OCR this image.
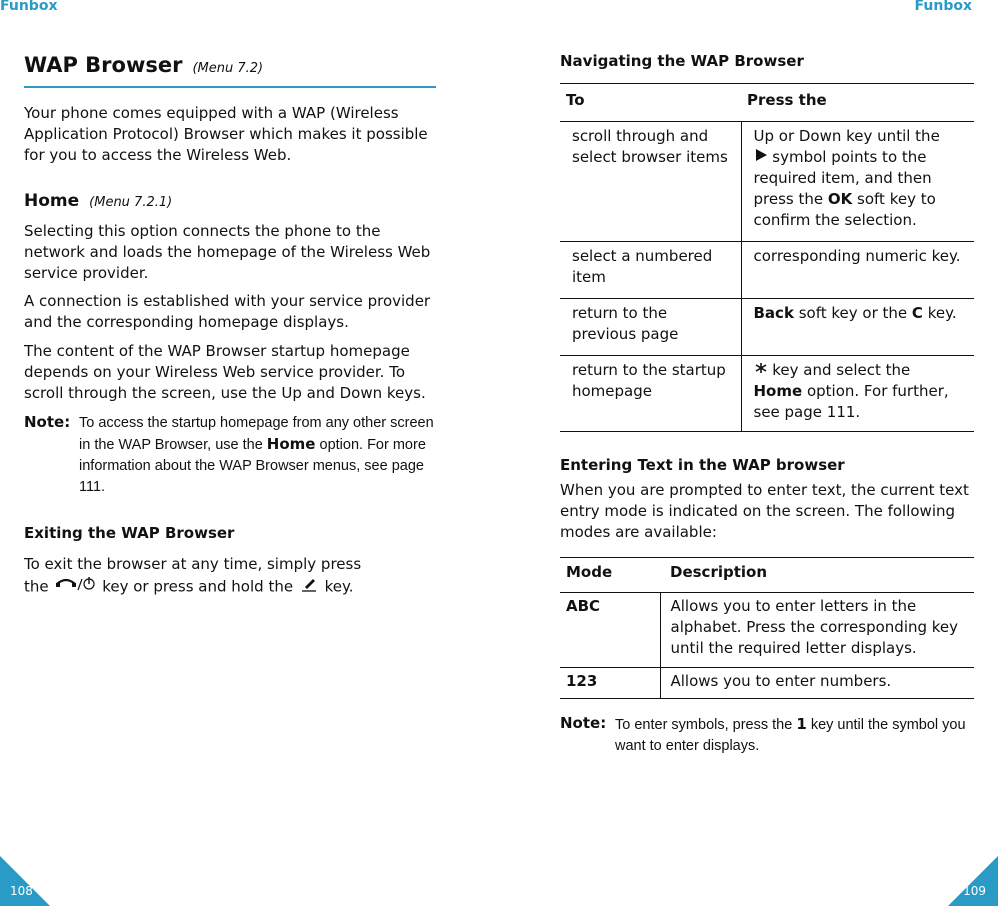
Funbox	Funbox
WAP Browser (Menu 7.2)

Your phone comes equipped with a WAP (Wireless Application Protocol) Browser which makes it possible for you to access the Wireless Web.

Home (Menu 7.2.1)

Selecting this option connects the phone to the network and loads the homepage of the Wireless Web service provider.

A connection is established with your service provider and the corresponding homepage displays.

The content of the WAP Browser startup homepage depends on your Wireless Web service provider. To scroll through the screen, use the Up and Down keys.

Note: To access the startup homepage from any other screen in the WAP Browser, use the Home option. For more information about the WAP Browser menus, see page 111.
Exiting the WAP Browser

To exit the browser at any time, simply press
the	key or press and hold the key.

Navigating the WAP Browser
To	Press the
scroll through and select browser items	Up or Down key until the
symbol points to the required item, and then press the OK soft key to confirm the selection.
select a numbered item	corresponding numeric key.
return to the previous page	Back soft key or the C key.
return to the startup homepage	key and select the
Home option. For further, see page 111.
Entering Text in the WAP browser

When you are prompted to enter text, the current text entry mode is indicated on the screen. The following modes are available:

Mode	Description
ABC	Allows you to enter letters in the alphabet. Press the corresponding key until the required letter displays.
123	Allows you to enter numbers.
Note: To enter symbols, press the 1 key until the symbol you want to enter displays.
108	109
